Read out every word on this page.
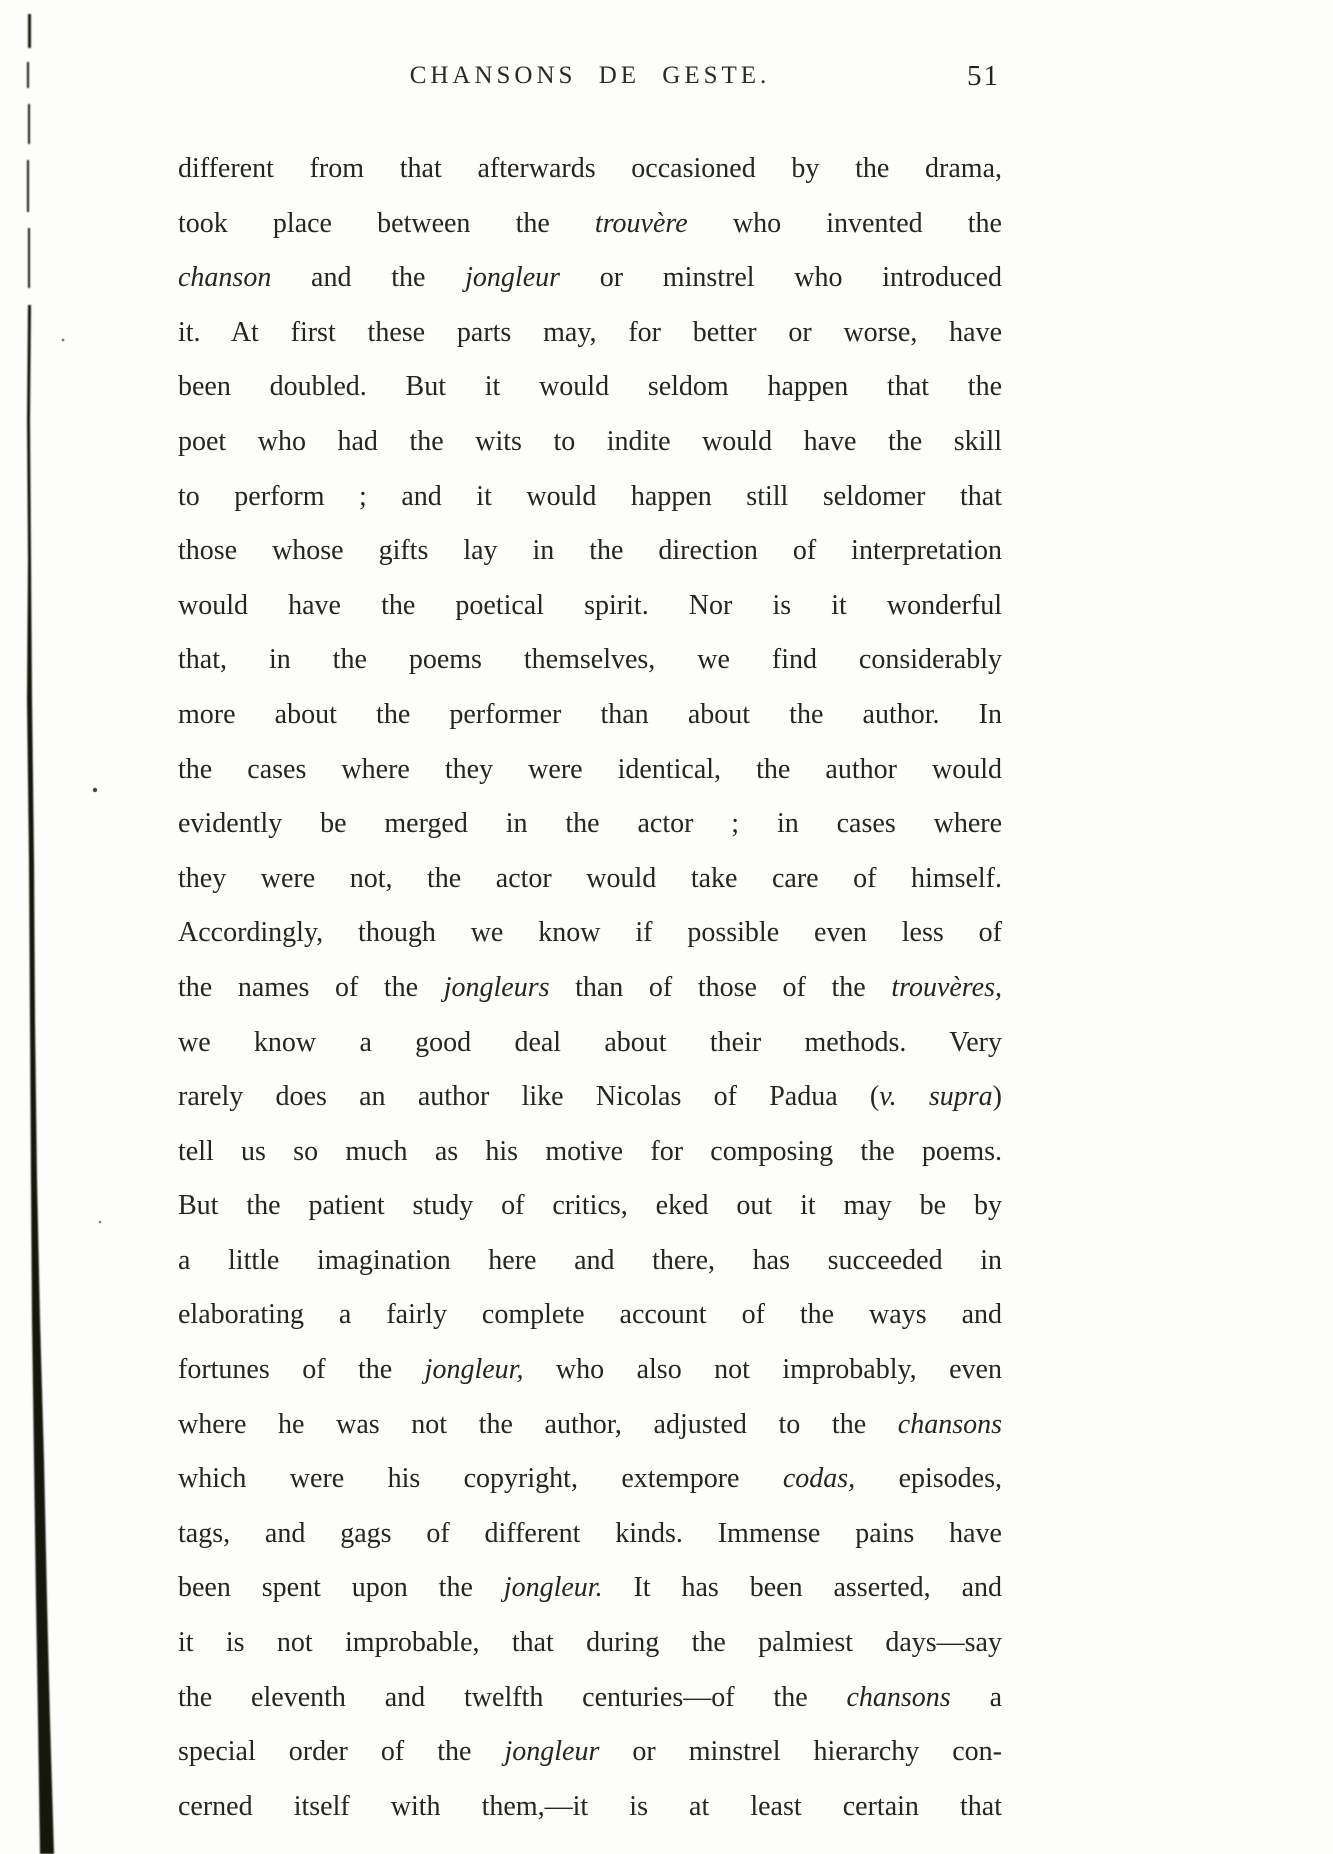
CHANSONS DE GESTE.	51
different from that afterwards occasioned by the drama,
took place between the trouvère who invented the
chanson and the jongleur or minstrel who introduced
it. At first these parts may, for better or worse, have
been doubled. But it would seldom happen that the
poet who had the wits to indite would have the skill
to perform ; and it would happen still seldomer that
those whose gifts lay in the direction of interpretation
would have the poetical spirit. Nor is it wonderful
that, in the poems themselves, we find considerably
more about the performer than about the author. In
the cases where they were identical, the author would
evidently be merged in the actor ; in cases where
they were not, the actor would take care of himself.
Accordingly, though we know if possible even less of
the names of the jongleurs than of those of the trouvères,
we know a good deal about their methods. Very
rarely does an author like Nicolas of Padua (v. supra)
tell us so much as his motive for composing the poems.
But the patient study of critics, eked out it may be by
a little imagination here and there, has succeeded in
elaborating a fairly complete account of the ways and
fortunes of the jongleur, who also not improbably, even
where he was not the author, adjusted to the chansons
which were his copyright, extempore codas, episodes,
tags, and gags of different kinds. Immense pains have
been spent upon the jongleur. It has been asserted, and
it is not improbable, that during the palmiest days—say
the eleventh and twelfth centuries—of the chansons a
special order of the jongleur or minstrel hierarchy con-
cerned itself with them,—it is at least certain that
